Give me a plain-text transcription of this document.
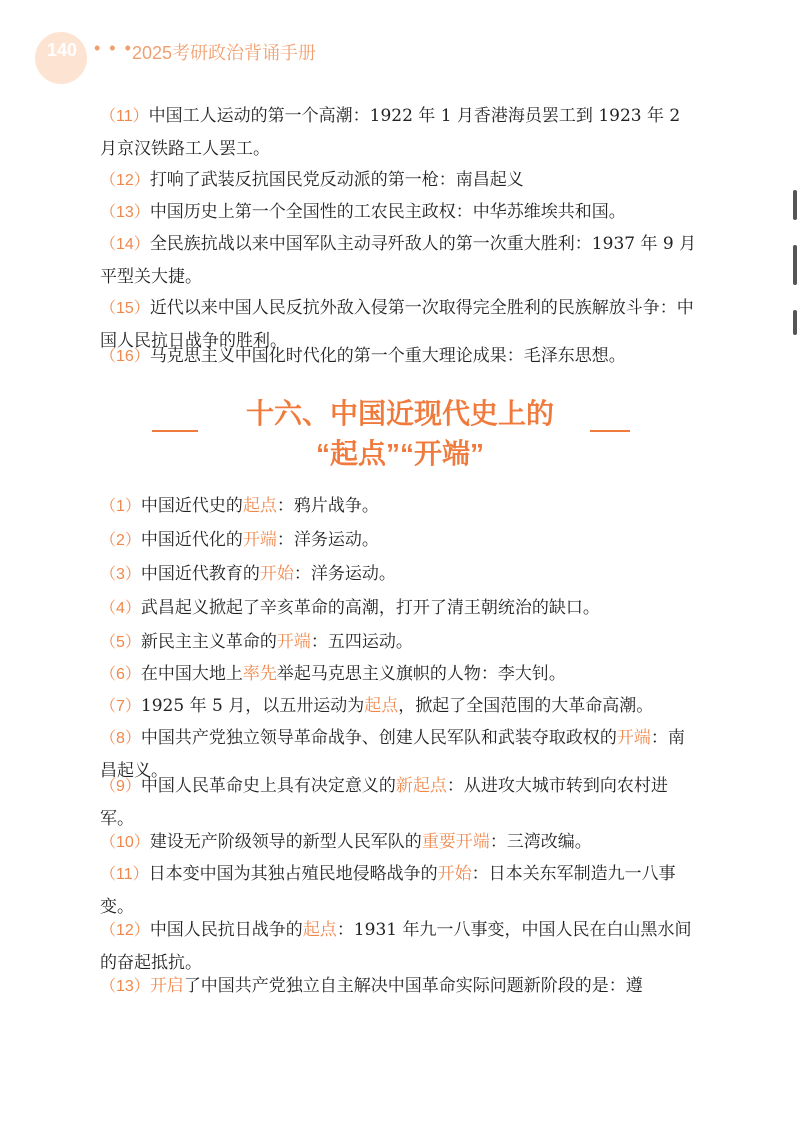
140 • • • 2025考研政治背诵手册
（11）中国工人运动的第一个高潮：1922 年 1 月香港海员罢工到 1923 年 2 月京汉铁路工人罢工。
（12）打响了武装反抗国民党反动派的第一枪：南昌起义
（13）中国历史上第一个全国性的工农民主政权：中华苏维埃共和国。
（14）全民族抗战以来中国军队主动寻歼敌人的第一次重大胜利：1937 年 9 月平型关大捷。
（15）近代以来中国人民反抗外敌入侵第一次取得完全胜利的民族解放斗争：中国人民抗日战争的胜利。
（16）马克思主义中国化时代化的第一个重大理论成果：毛泽东思想。
十六、中国近现代史上的
“起点”“开端”
（1）中国近代史的起点：鸦片战争。
（2）中国近代化的开端：洋务运动。
（3）中国近代教育的开始：洋务运动。
（4）武昌起义掀起了辛亥革命的高潮，打开了清王朝统治的缺口。
（5）新民主主义革命的开端：五四运动。
（6）在中国大地上率先举起马克思主义旗帜的人物：李大钊。
（7）1925 年 5 月，以五卅运动为起点，掀起了全国范围的大革命高潮。
（8）中国共产党独立领导革命战争、创建人民军队和武装夺取政权的开端：南昌起义。
（9）中国人民革命史上具有决定意义的新起点：从进攻大城市转到向农村进军。
（10）建设无产阶级领导的新型人民军队的重要开端：三湾改编。
（11）日本变中国为其独占殖民地侵略战争的开始：日本关东军制造九一八事变。
（12）中国人民抗日战争的起点：1931 年九一八事变，中国人民在白山黑水间的奋起抵抗。
（13）开启了中国共产党独立自主解决中国革命实际问题新阶段的是：遵
